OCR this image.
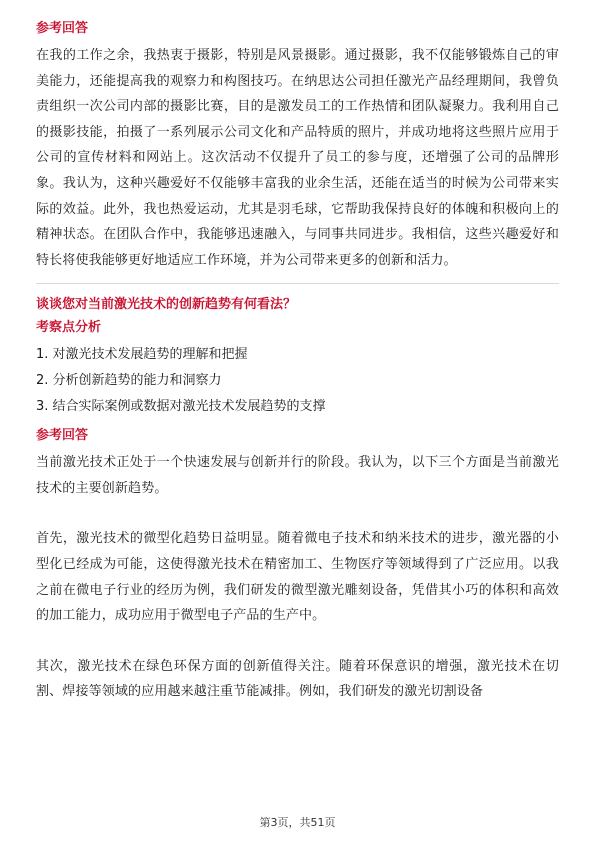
参考回答

在我的工作之余，我热衷于摄影，特别是风景摄影。通过摄影，我不仅能够锻炼自己的审美能力，还能提高我的观察力和构图技巧。在纳思达公司担任激光产品经理期间，我曾负责组织一次公司内部的摄影比赛，目的是激发员工的工作热情和团队凝聚力。我利用自己的摄影技能，拍摄了一系列展示公司文化和产品特质的照片，并成功地将这些照片应用于公司的宣传材料和网站上。这次活动不仅提升了员工的参与度，还增强了公司的品牌形象。我认为，这种兴趣爱好不仅能够丰富我的业余生活，还能在适当的时候为公司带来实际的效益。此外，我也热爱运动，尤其是羽毛球，它帮助我保持良好的体魄和积极向上的精神状态。在团队合作中，我能够迅速融入，与同事共同进步。我相信，这些兴趣爱好和特长将使我能够更好地适应工作环境，并为公司带来更多的创新和活力。

谈谈您对当前激光技术的创新趋势有何看法？
考察点分析
1. 对激光技术发展趋势的理解和把握
2. 分析创新趋势的能力和洞察力
3. 结合实际案例或数据对激光技术发展趋势的支撑
参考回答

当前激光技术正处于一个快速发展与创新并行的阶段。我认为，以下三个方面是当前激光技术的主要创新趋势。

首先，激光技术的微型化趋势日益明显。随着微电子技术和纳米技术的进步，激光器的小型化已经成为可能，这使得激光技术在精密加工、生物医疗等领域得到了广泛应用。以我之前在微电子行业的经历为例，我们研发的微型激光雕刻设备，凭借其小巧的体积和高效的加工能力，成功应用于微型电子产品的生产中。

其次，激光技术在绿色环保方面的创新值得关注。随着环保意识的增强，激光技术在切割、焊接等领域的应用越来越注重节能减排。例如，我们研发的激光切割设备

第3页，共51页
